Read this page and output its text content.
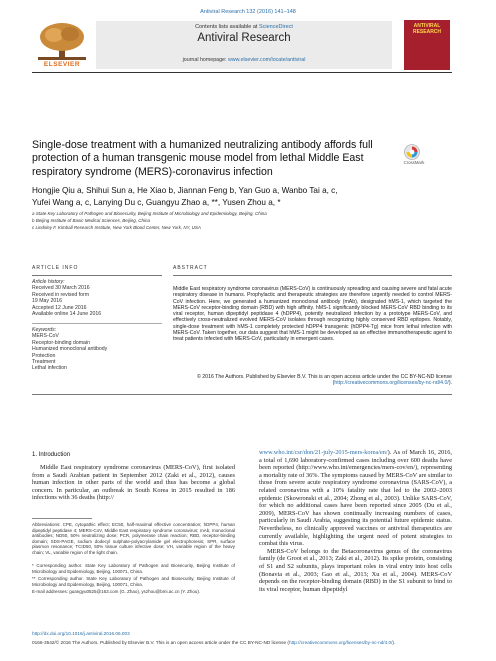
Antiviral Research 132 (2016) 141–148
ELSEVIER
Contents lists available at ScienceDirect
Antiviral Research
journal homepage: www.elsevier.com/locate/antiviral
ANTIVIRAL RESEARCH
Single-dose treatment with a humanized neutralizing antibody affords full protection of a human transgenic mouse model from lethal Middle East respiratory syndrome (MERS)-coronavirus infection
CrossMark
Hongjie Qiu a, Shihui Sun a, He Xiao b, Jiannan Feng b, Yan Guo a, Wanbo Tai a, c,
Yufei Wang a, c, Lanying Du c, Guangyu Zhao a, **, Yusen Zhou a, *
a State Key Laboratory of Pathogen and Biosecurity, Beijing Institute of Microbiology and Epidemiology, Beijing, China
b Beijing Institute of Basic Medical Sciences, Beijing, China
c Lindsley F. Kimball Research Institute, New York Blood Center, New York, NY, USA
ARTICLE INFO	ABSTRACT
Article history:
Received 30 March 2016
Received in revised form
19 May 2016
Accepted 12 June 2016
Available online 14 June 2016
Keywords:
MERS-CoV
Receptor-binding domain
Humanized monoclonal antibody
Protection
Treatment
Lethal infection
Middle East respiratory syndrome coronavirus (MERS-CoV) is continuously spreading and causing severe and fatal acute respiratory disease in humans. Prophylactic and therapeutic strategies are therefore urgently needed to control MERS-CoV infection. Here, we generated a humanized monoclonal antibody (mAb), designated hMS-1, which targeted the MERS-CoV receptor-binding domain (RBD) with high affinity. hMS-1 significantly blocked MERS-CoV RBD binding to its viral receptor, human dipeptidyl peptidase 4 (hDPP4), potently neutralized infection by a prototype MERS-CoV, and effectively cross-neutralized evolved MERS-CoV isolates through recognizing highly conserved RBD epitopes. Notably, single-dose treatment with hMS-1 completely protected hDPP4 transgenic (hDPP4-Tg) mice from lethal infection with MERS-CoV. Taken together, our data suggest that hMS-1 might be developed as an effective immunotherapeutic agent to treat patients infected with MERS-CoV, particularly in emergent cases.
© 2016 The Authors. Published by Elsevier B.V. This is an open access article under the CC BY-NC-ND license (http://creativecommons.org/licenses/by-nc-nd/4.0/).
1. Introduction
Middle East respiratory syndrome coronavirus (MERS-CoV), first isolated from a Saudi Arabian patient in September 2012 (Zaki et al., 2012), causes human infection in other parts of the world and thus has become a global concern. In particular, an outbreak in South Korea in 2015 resulted in 186 infections with 36 deaths (http://
Abbreviations: CPE, cytopathic effect; EC50, half-maximal effective concentration; hDPP4, human dipeptidyl peptidase 4; MERS-CoV, Middle East respiratory syndrome coronavirus; mAb, monoclonal antibodies; ND50, 50% neutralizing dose; PCR, polymerase chain reaction; RBD, receptor-binding domain; SDS-PAGE, sodium dodecyl sulphate-polyacrylamide gel electrophoresis; SPR, surface plasmon resonance; TCID50, 50% tissue culture infective dose; VH, variable region of the heavy chain; VL, variable region of the light chain.
* Corresponding author. State Key Laboratory of Pathogen and Biosecurity, Beijing Institute of Microbiology and Epidemiology, Beijing, 100071, China.
** Corresponding author. State Key Laboratory of Pathogen and Biosecurity, Beijing Institute of Microbiology and Epidemiology, Beijing, 100071, China.
E-mail addresses: guangyu0525@163.com (G. Zhao), yszhou@bmi.ac.cn (Y. Zhou).
www.who.int/csr/don/21-july-2015-mers-korea/en/). As of March 16, 2016, a total of 1,690 laboratory-confirmed cases including over 600 deaths have been reported (http://www.who.int/emergencies/mers-cov/en/), representing a mortality rate of 36%. The symptoms caused by MERS-CoV are similar to those from severe acute respiratory syndrome coronavirus (SARS-CoV), a related coronavirus with a 10% fatality rate that led to the 2002–2003 epidemic (Skowronski et al., 2004; Zhong et al., 2003). Unlike SARS-CoV, for which no additional cases have been reported since 2005 (Du et al., 2009), MERS-CoV has shown continually increasing numbers of cases, particularly in Saudi Arabia, suggesting its potential future epidemic status. Nevertheless, no clinically approved vaccines or antiviral therapeutics are currently available, highlighting the urgent need of potent strategies to combat this virus.
MERS-CoV belongs to the Betacoronavirus genus of the coronavirus family (de Groot et al., 2013; Zaki et al., 2012). Its spike protein, consisting of S1 and S2 subunits, plays important roles in viral entry into host cells (Bonavia et al., 2003; Gao et al., 2013; Xu et al., 2004). MERS-CoV depends on the receptor-binding domain (RBD) in the S1 subunit to bind to its viral receptor, human dipeptidyl
http://dx.doi.org/10.1016/j.antiviral.2016.06.003
0166-3542/© 2016 The Authors. Published by Elsevier B.V. This is an open access article under the CC BY-NC-ND license (http://creativecommons.org/licenses/by-nc-nd/4.0/).
